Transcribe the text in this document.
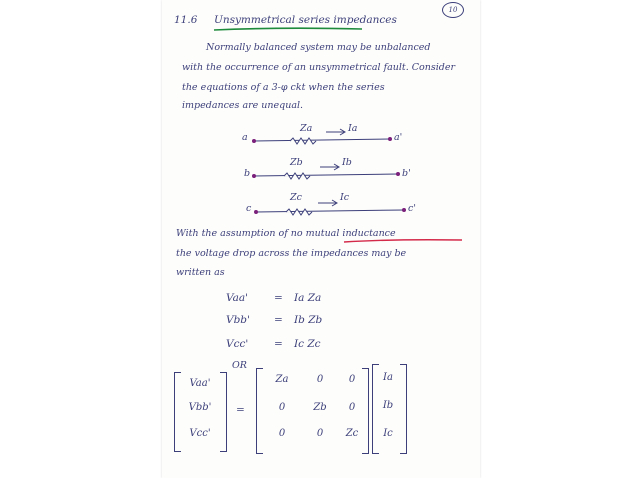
10
11.6 Unsymmetrical series impedances
Normally balanced system may be unbalanced
with the occurrence of an unsymmetrical fault. Consider
the equations of a 3-φ ckt when the series
impedances are unequal.
a	a'
Za	Ia
b	b'
Zb	Ib
c	c'
Zc	Ic
With the assumption of no mutual inductance
the voltage drop across the impedances may be
written as
Vaa' = Ia Za
Vbb' = Ib Zb
Vcc' = Ic Zc
OR
Vaa'
Vbb'
Vcc'
=
Za	0	0
0	Zb	0
0	0	Zc
Ia
Ib
Ic
